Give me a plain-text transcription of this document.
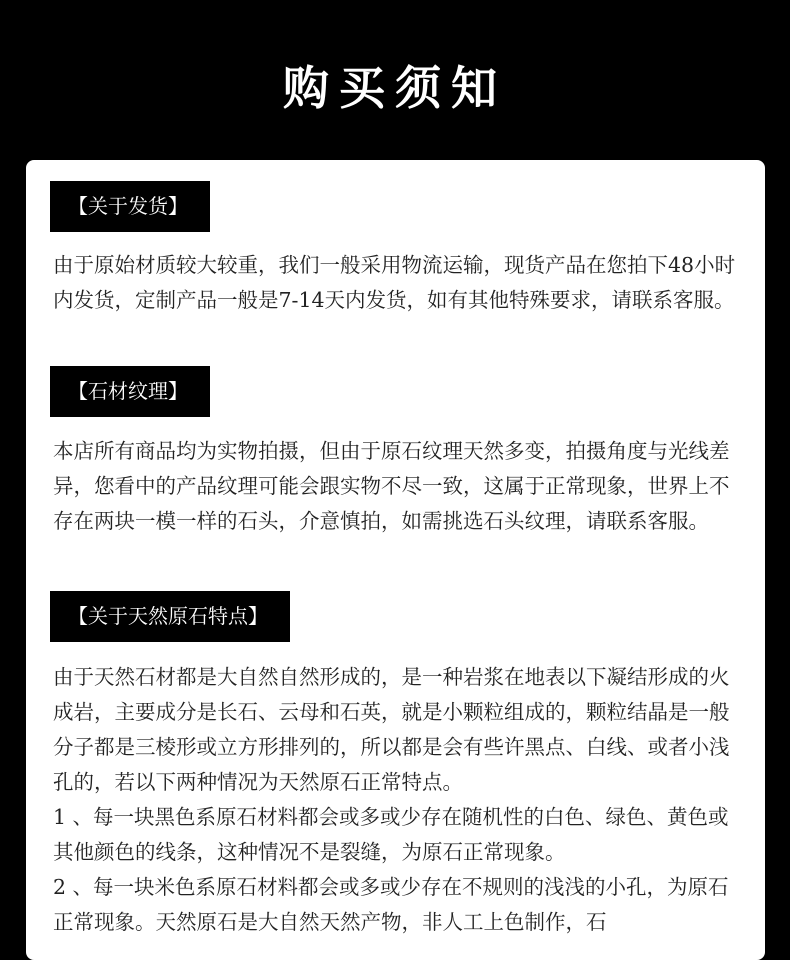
购买须知
【关于发货】

由于原始材质较大较重，我们一般采用物流运输，现货产品在您拍下48小时内发货，定制产品一般是7-14天内发货，如有其他特殊要求，请联系客服。

【石材纹理】

本店所有商品均为实物拍摄，但由于原石纹理天然多变，拍摄角度与光线差异，您看中的产品纹理可能会跟实物不尽一致，这属于正常现象，世界上不存在两块一模一样的石头，介意慎拍，如需挑选石头纹理，请联系客服。

【关于天然原石特点】

由于天然石材都是大自然自然形成的，是一种岩浆在地表以下凝结形成的火成岩，主要成分是长石、云母和石英，就是小颗粒组成的，颗粒结晶是一般分子都是三棱形或立方形排列的，所以都是会有些许黑点、白线、或者小浅孔的，若以下两种情况为天然原石正常特点。

1 、每一块黑色系原石材料都会或多或少存在随机性的白色、绿色、黄色或其他颜色的线条，这种情况不是裂缝，为原石正常现象。

2 、每一块米色系原石材料都会或多或少存在不规则的浅浅的小孔，为原石正常现象。天然原石是大自然天然产物，非人工上色制作，石
